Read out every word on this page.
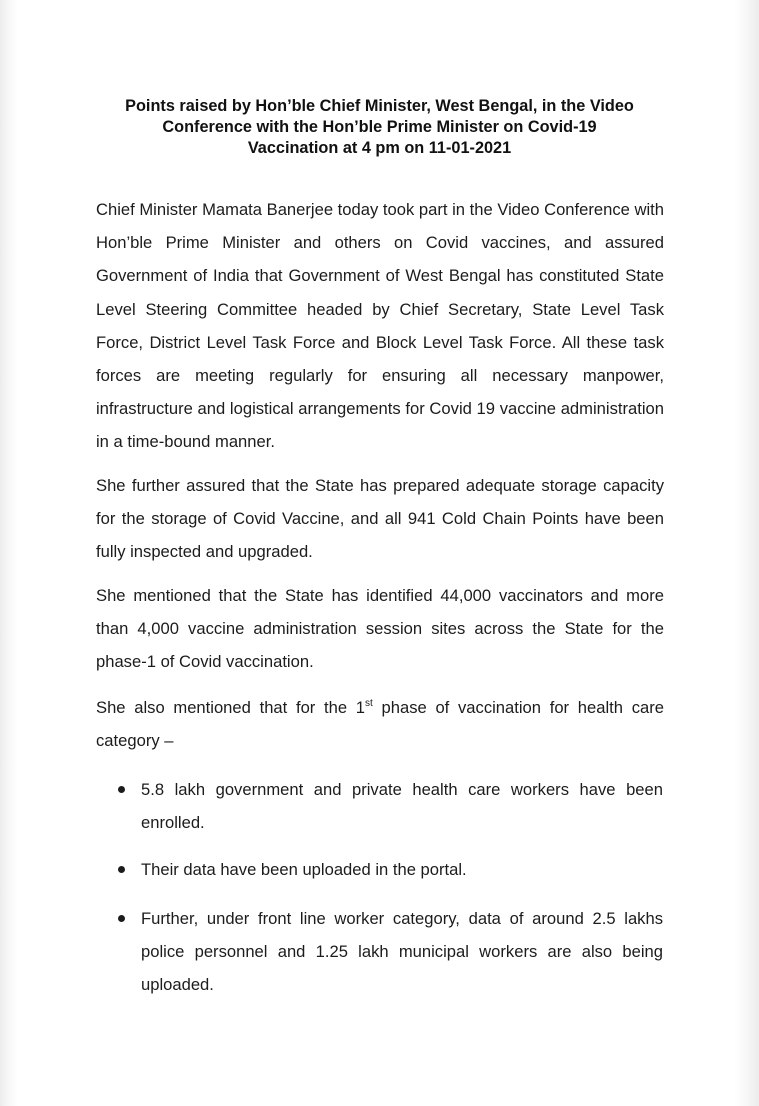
Points raised by Hon’ble Chief Minister, West Bengal, in the Video
Conference with the Hon’ble Prime Minister on Covid-19
Vaccination at 4 pm on 11-01-2021

Chief Minister Mamata Banerjee today took part in the Video Conference with Hon’ble Prime Minister and others on Covid vaccines, and assured Government of India that Government of West Bengal has constituted State Level Steering Committee headed by Chief Secretary, State Level Task Force, District Level Task Force and Block Level Task Force. All these task forces are meeting regularly for ensuring all necessary manpower, infrastructure and logistical arrangements for Covid 19 vaccine administration in a time-bound manner.

She further assured that the State has prepared adequate storage capacity for the storage of Covid Vaccine, and all 941 Cold Chain Points have been fully inspected and upgraded.

She mentioned that the State has identified 44,000 vaccinators and more than 4,000 vaccine administration session sites across the State for the phase-1 of Covid vaccination.

She also mentioned that for the 1st phase of vaccination for health care category –

5.8 lakh government and private health care workers have been enrolled.

Their data have been uploaded in the portal.

Further, under front line worker category, data of around 2.5 lakhs police personnel and 1.25 lakh municipal workers are also being uploaded.
